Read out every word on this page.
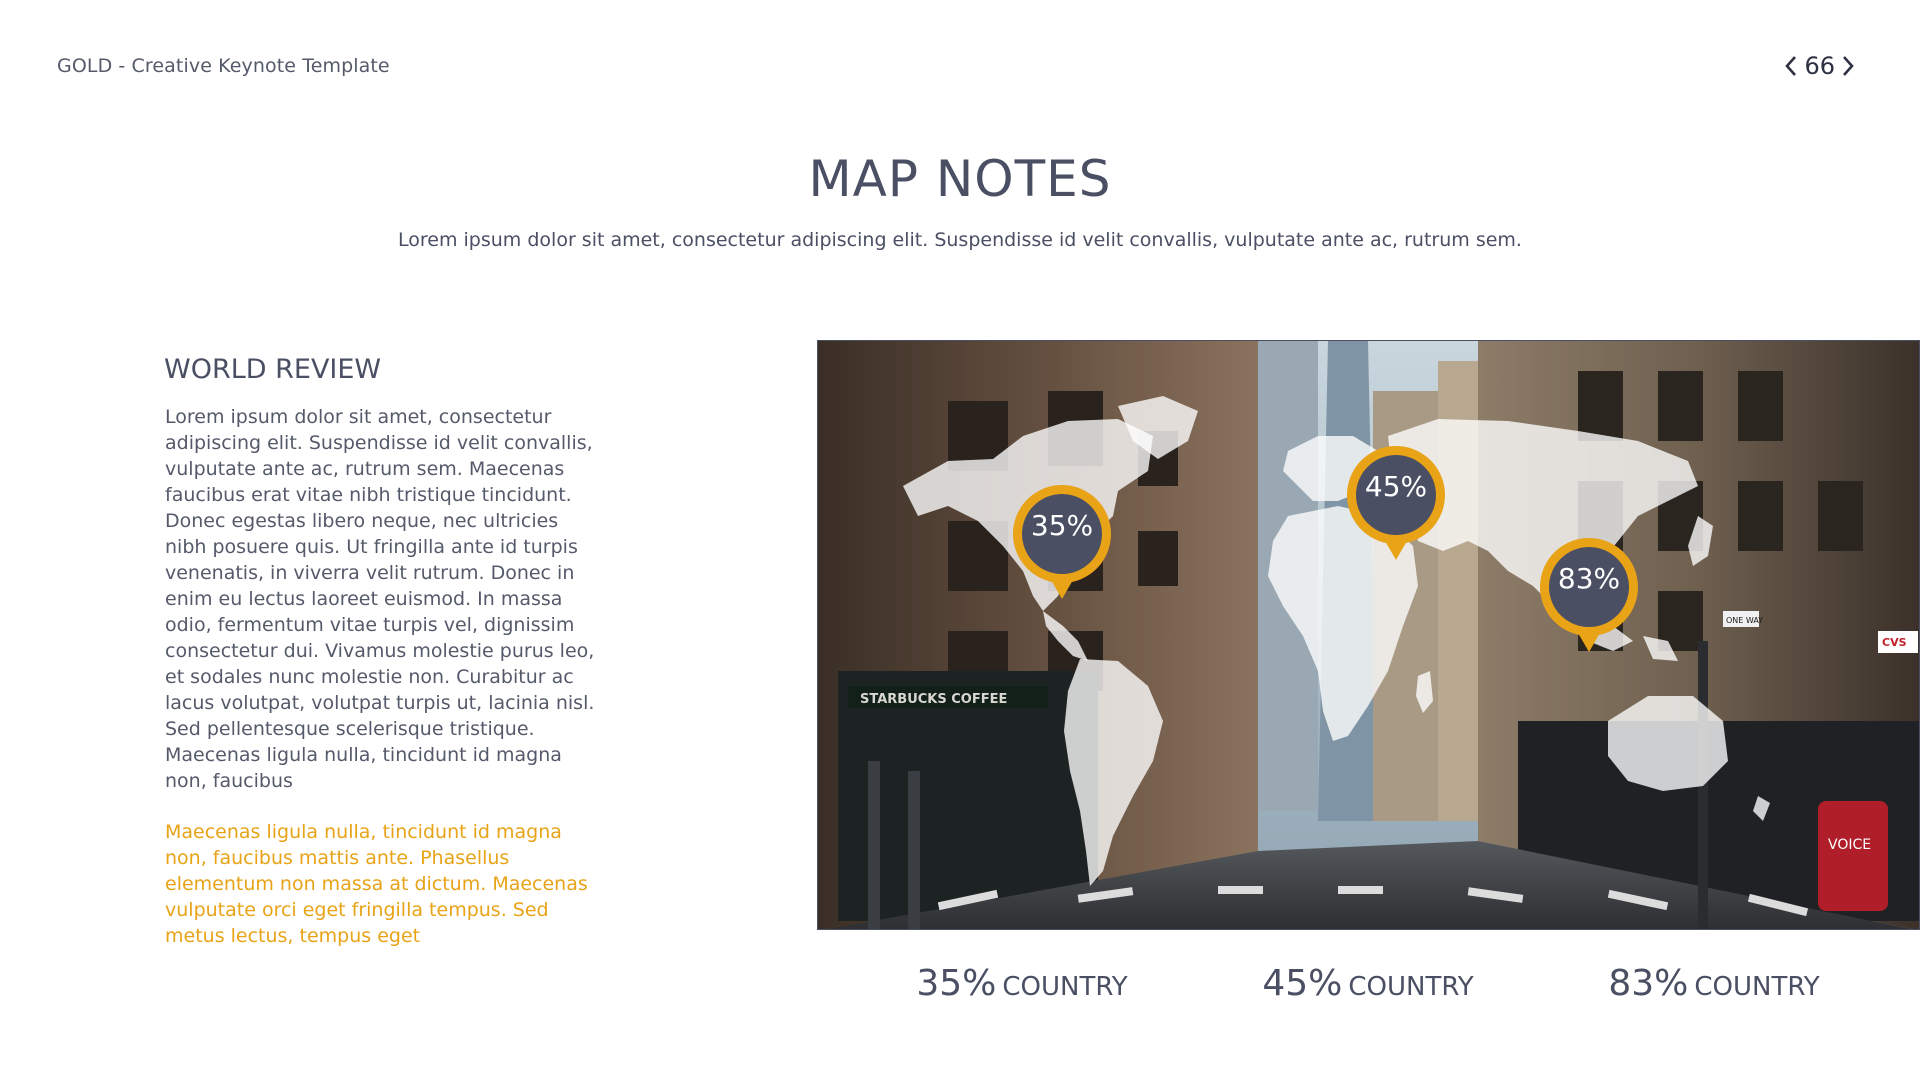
GOLD - Creative Keynote Template	66
MAP NOTES
Lorem ipsum dolor sit amet, consectetur adipiscing elit. Suspendisse id velit convallis, vulputate ante ac, rutrum sem.
WORLD REVIEW
Lorem ipsum dolor sit amet, consectetur adipiscing elit. Suspendisse id velit convallis, vulputate ante ac, rutrum sem. Maecenas faucibus erat vitae nibh tristique tincidunt. Donec egestas libero neque, nec ultricies nibh posuere quis. Ut fringilla ante id turpis venenatis, in viverra velit rutrum. Donec in enim eu lectus laoreet euismod. In massa odio, fermentum vitae turpis vel, dignissim consectetur dui. Vivamus molestie purus leo, et sodales nunc molestie non. Curabitur ac lacus volutpat, volutpat turpis ut, lacinia nisl. Sed pellentesque scelerisque tristique. Maecenas ligula nulla, tincidunt id magna non, faucibus
Maecenas ligula nulla, tincidunt id magna non, faucibus mattis ante. Phasellus elementum non massa at dictum. Maecenas vulputate orci eget fringilla tempus. Sed metus lectus, tempus eget
STARBUCKS COFFEE
ONE WAY
CVS
VOICE
35%
45%
83%
35% COUNTRY	45% COUNTRY	83% COUNTRY
